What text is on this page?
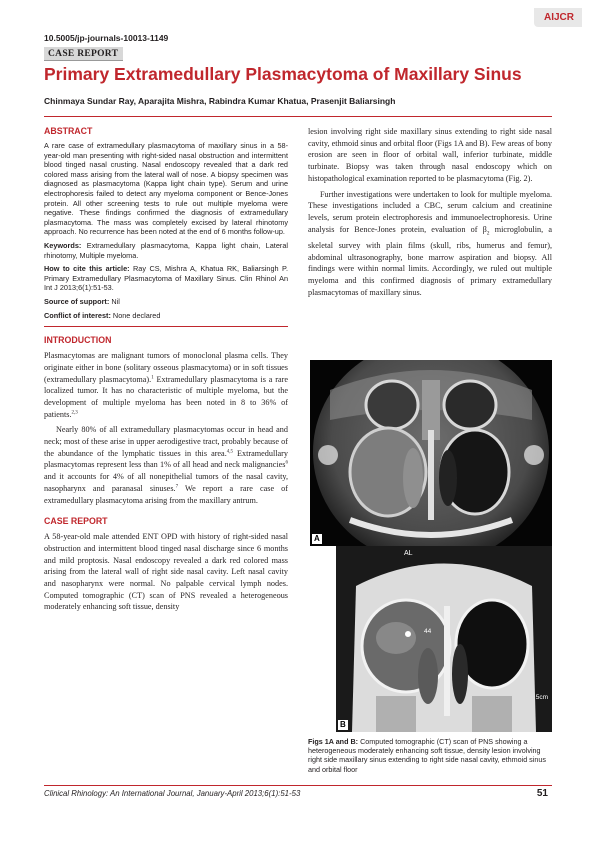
AIJCR
10.5005/jp-journals-10013-1149
CASE REPORT
Primary Extramedullary Plasmacytoma of Maxillary Sinus
Chinmaya Sundar Ray, Aparajita Mishra, Rabindra Kumar Khatua, Prasenjit Baliarsingh
ABSTRACT

A rare case of extramedullary plasmacytoma of maxillary sinus in a 58-year-old man presenting with right-sided nasal obstruction and intermittent blood tinged nasal crusting. Nasal endoscopy revealed that a dark red colored mass arising from the lateral wall of nose. A biopsy specimen was diagnosed as plasmacytoma (Kappa light chain type). Serum and urine electrophoresis failed to detect any myeloma component or Bence-Jones protein. All other screening tests to rule out multiple myeloma were negative. These findings confirmed the diagnosis of extramedullary plasmacytoma. The mass was completely excised by lateral rhinotomy approach. No recurrence has been noted at the end of 6 months follow-up.

Keywords: Extramedullary plasmacytoma, Kappa light chain, Lateral rhinotomy, Multiple myeloma.

How to cite this article: Ray CS, Mishra A, Khatua RK, Baliarsingh P. Primary Extramedullary Plasmacytoma of Maxillary Sinus. Clin Rhinol An Int J 2013;6(1):51-53.

Source of support: Nil

Conflict of interest: None declared

INTRODUCTION

Plasmacytomas are malignant tumors of monoclonal plasma cells. They originate either in bone (solitary osseous plasmacytoma) or in soft tissues (extramedullary plasmacytoma).$^1$ Extramedullary plasmacytoma is a rare localized tumor. It has no characteristic of multiple myeloma, but the development of multiple myeloma has been noted in 8 to 36% of patients.$^{2,3}$

Nearly 80% of all extramedullary plasmacytomas occur in head and neck; most of these arise in upper aerodigestive tract, probably because of the abundance of the lymphatic tissues in this area.$^{4,5}$ Extramedullary plasmacytomas represent less than 1% of all head and neck malignancies$^6$ and it accounts for 4% of all nonepithelial tumors of the nasal cavity, nasopharynx and paranasal sinuses.$^7$ We report a rare case of extramedullary plasmacytoma arising from the maxillary antrum.

CASE REPORT

A 58-year-old male attended ENT OPD with history of right-sided nasal obstruction and intermittent blood tinged nasal discharge since 6 months and mild proptosis. Nasal endoscopy revealed a dark red colored mass arising from the lateral wall of right side nasal cavity. Left nasal cavity and nasopharynx were normal. No palpable cervical lymph nodes. Computed tomographic (CT) scan of PNS revealed a heterogeneous moderately enhancing soft tissue, density

lesion involving right side maxillary sinus extending to right side nasal cavity, ethmoid sinus and orbital floor (Figs 1A and B). Few areas of bony erosion are seen in floor of orbital wall, inferior turbinate, middle turbinate. Biopsy was taken through nasal endoscopy which on histopathological examination reported to be plasmacytoma (Fig. 2).

Further investigations were undertaken to look for multiple myeloma. These investigations included a CBC, serum calcium and creatinine levels, serum protein electrophoresis and immunoelectrophoresis. Urine analysis for Bence-Jones protein, evaluation of $\beta_2$ microglobulin, a skeletal survey with plain films (skull, ribs, humerus and femur), abdominal ultrasonography, bone marrow aspiration and biopsy. All findings were within normal limits. Accordingly, we ruled out multiple myeloma and this confirmed diagnosis of primary extramedullary plasmacytomas of maxillary sinus.

A
AL
44
5cm
B
Figs 1A and B: Computed tomographic (CT) scan of PNS showing a heterogeneous moderately enhancing soft tissue, density lesion involving right side maxillary sinus extending to right side nasal cavity, ethmoid sinus and orbital floor
Clinical Rhinology: An International Journal, January-April 2013;6(1):51-53	51
